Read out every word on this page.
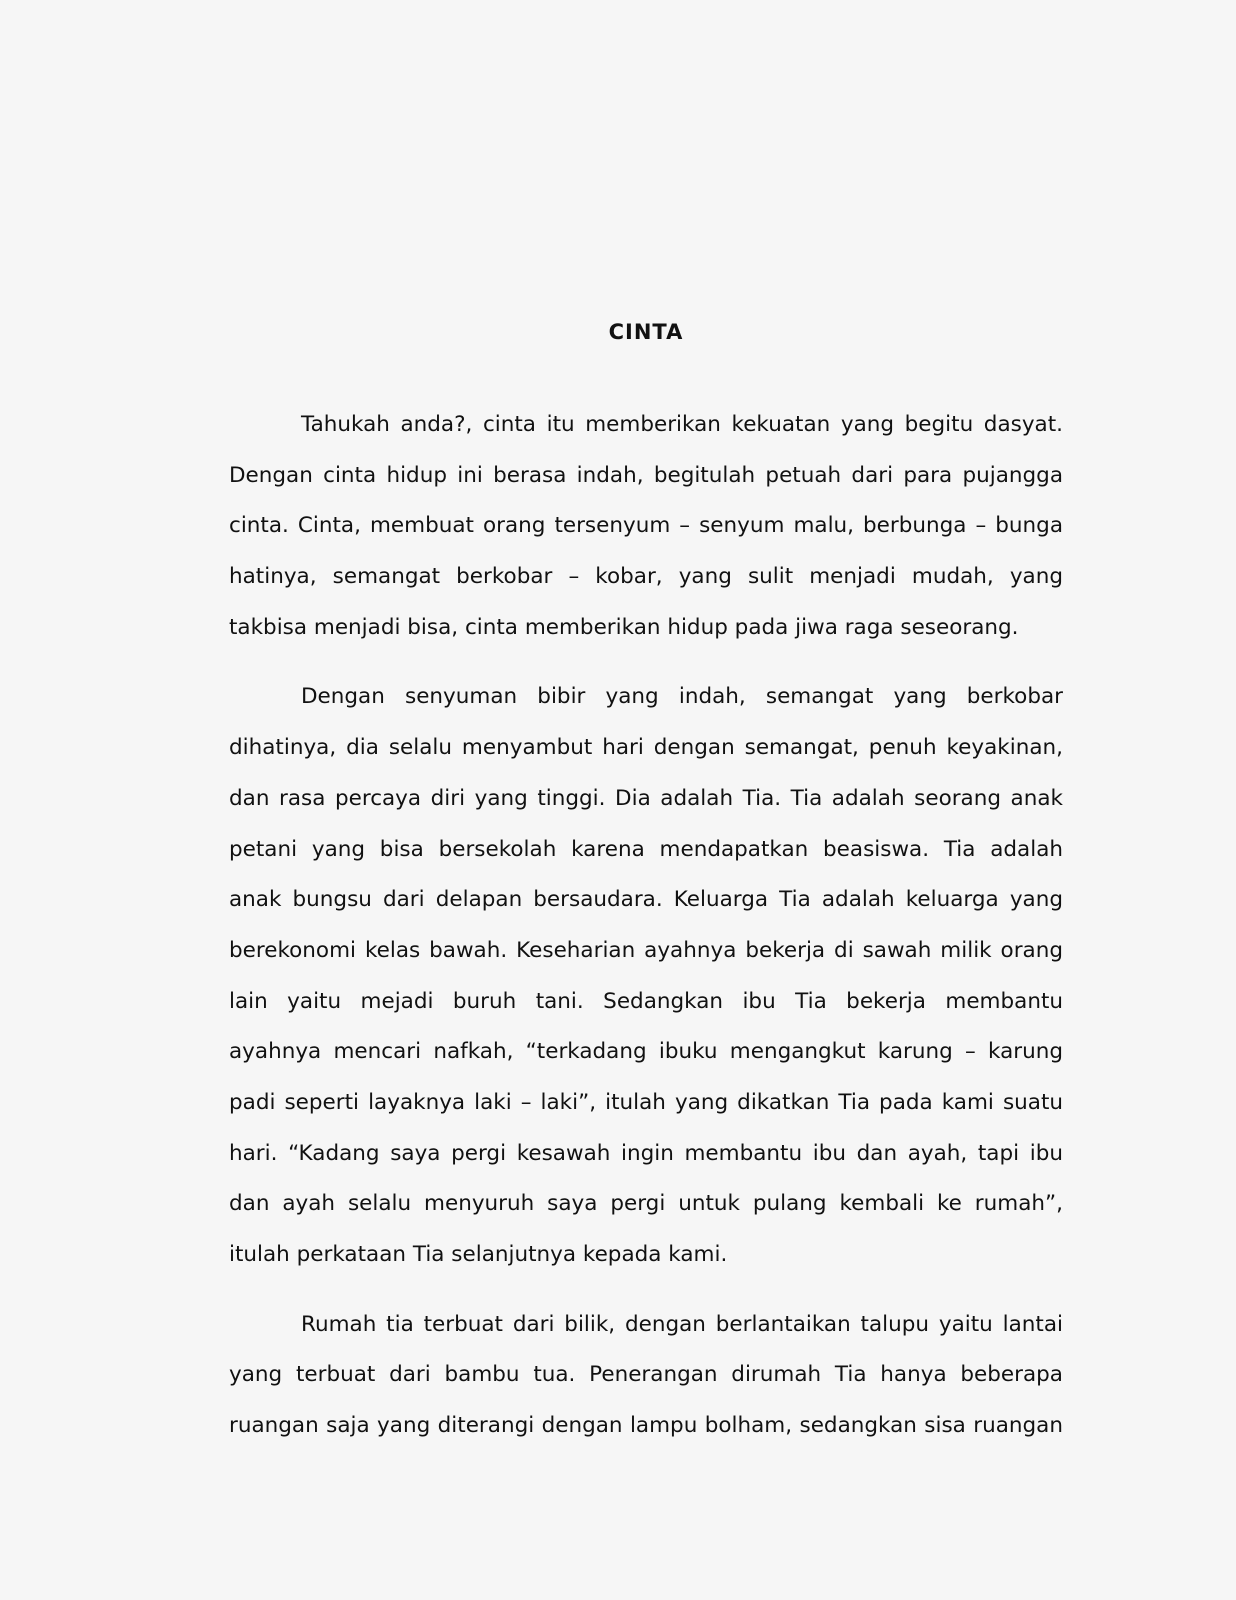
CINTA
Tahukah anda?, cinta itu memberikan kekuatan yang begitu dasyat.
Dengan cinta hidup ini berasa indah, begitulah petuah dari para pujangga
cinta. Cinta, membuat orang tersenyum – senyum malu, berbunga – bunga
hatinya, semangat berkobar – kobar, yang sulit menjadi mudah, yang
takbisa menjadi bisa, cinta memberikan hidup pada jiwa raga seseorang.
Dengan senyuman bibir yang indah, semangat yang berkobar
dihatinya, dia selalu menyambut hari dengan semangat, penuh keyakinan,
dan rasa percaya diri yang tinggi. Dia adalah Tia. Tia adalah seorang anak
petani yang bisa bersekolah karena mendapatkan beasiswa. Tia adalah
anak bungsu dari delapan bersaudara. Keluarga Tia adalah keluarga yang
berekonomi kelas bawah. Keseharian ayahnya bekerja di sawah milik orang
lain yaitu mejadi buruh tani. Sedangkan ibu Tia bekerja membantu
ayahnya mencari nafkah, “terkadang ibuku mengangkut karung – karung
padi seperti layaknya laki – laki”, itulah yang dikatkan Tia pada kami suatu
hari. “Kadang saya pergi kesawah ingin membantu ibu dan ayah, tapi ibu
dan ayah selalu menyuruh saya pergi untuk pulang kembali ke rumah”,
itulah perkataan Tia selanjutnya kepada kami.
Rumah tia terbuat dari bilik, dengan berlantaikan talupu yaitu lantai
yang terbuat dari bambu tua. Penerangan dirumah Tia hanya beberapa
ruangan saja yang diterangi dengan lampu bolham, sedangkan sisa ruangan
